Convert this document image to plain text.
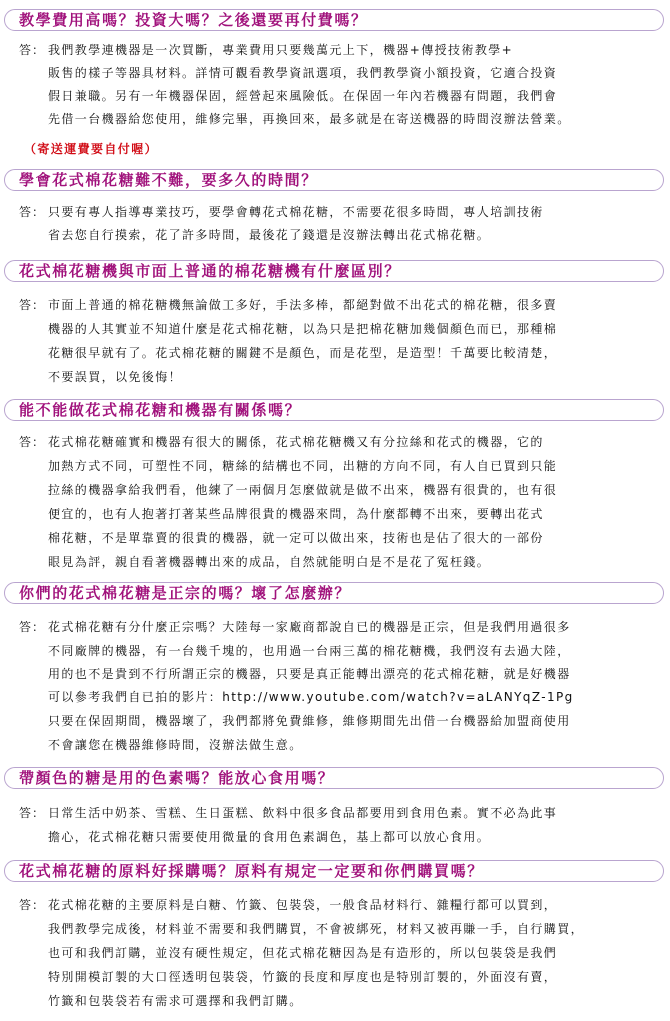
教學費用高嗎？投資大嗎？之後還要再付費嗎？
答： 我們教學連機器是一次買斷，專業費用只要幾萬元上下，機器+傳授技術教學+
販售的樣子等器具材料。詳情可觀看教學資訊選項，我們教學資小額投資，它適合投資
假日兼職。另有一年機器保固，經營起來風險低。在保固一年內若機器有問題，我們會
先借一台機器給您使用，維修完畢，再換回來，最多就是在寄送機器的時間沒辦法營業。
（寄送運費要自付喔）
學會花式棉花糖難不難，要多久的時間？
答： 只要有專人指導專業技巧，要學會轉花式棉花糖，不需要花很多時間，專人培訓技術
省去您自行摸索，花了許多時間，最後花了錢還是沒辦法轉出花式棉花糖。
花式棉花糖機與市面上普通的棉花糖機有什麼區別？
答： 市面上普通的棉花糖機無論做工多好，手法多棒，都絕對做不出花式的棉花糖，很多賣
機器的人其實並不知道什麼是花式棉花糖，以為只是把棉花糖加幾個顏色而已，那種棉
花糖很早就有了。花式棉花糖的關鍵不是顏色，而是花型，是造型！千萬要比較清楚，
不要誤買，以免後悔！
能不能做花式棉花糖和機器有關係嗎？
答： 花式棉花糖確實和機器有很大的關係，花式棉花糖機又有分拉絲和花式的機器，它的
加熱方式不同，可塑性不同，糖絲的結構也不同，出糖的方向不同，有人自已買到只能
拉絲的機器拿給我們看，他練了一兩個月怎麼做就是做不出來，機器有很貴的，也有很
便宜的，也有人抱著打著某些品牌很貴的機器來問，為什麼都轉不出來，要轉出花式
棉花糖，不是單靠賣的很貴的機器，就一定可以做出來，技術也是佔了很大的一部份
眼見為評，親自看著機器轉出來的成品，自然就能明白是不是花了冤枉錢。
你們的花式棉花糖是正宗的嗎？壞了怎麼辦？
答： 花式棉花糖有分什麼正宗嗎？大陸每一家廠商都說自已的機器是正宗，但是我們用過很多
不同廠牌的機器，有一台幾千塊的，也用過一台兩三萬的棉花糖機，我們沒有去過大陸，
用的也不是貴到不行所謂正宗的機器，只要是真正能轉出漂亮的花式棉花糖，就是好機器
可以參考我們自已拍的影片：http://www.youtube.com/watch?v=aLANYqZ-1Pg
只要在保固期間，機器壞了，我們都將免費維修，維修期間先出借一台機器給加盟商使用
不會讓您在機器維修時間，沒辦法做生意。
帶顏色的糖是用的色素嗎？能放心食用嗎？
答： 日常生活中奶茶、雪糕、生日蛋糕、飲料中很多食品都要用到食用色素。實不必為此事
擔心，花式棉花糖只需要使用微量的食用色素調色，基上都可以放心食用。
花式棉花糖的原料好採購嗎？原料有規定一定要和你們購買嗎？
答： 花式棉花糖的主要原料是白糖、竹籤、包裝袋，一般食品材料行、雜糧行都可以買到，
我們教學完成後，材料並不需要和我們購買，不會被綁死，材料又被再賺一手，自行購買，
也可和我們訂購，並沒有硬性規定，但花式棉花糖因為是有造形的，所以包裝袋是我們
特別開模訂製的大口徑透明包裝袋，竹籤的長度和厚度也是特別訂製的，外面沒有賣，
竹籤和包裝袋若有需求可選擇和我們訂購。
